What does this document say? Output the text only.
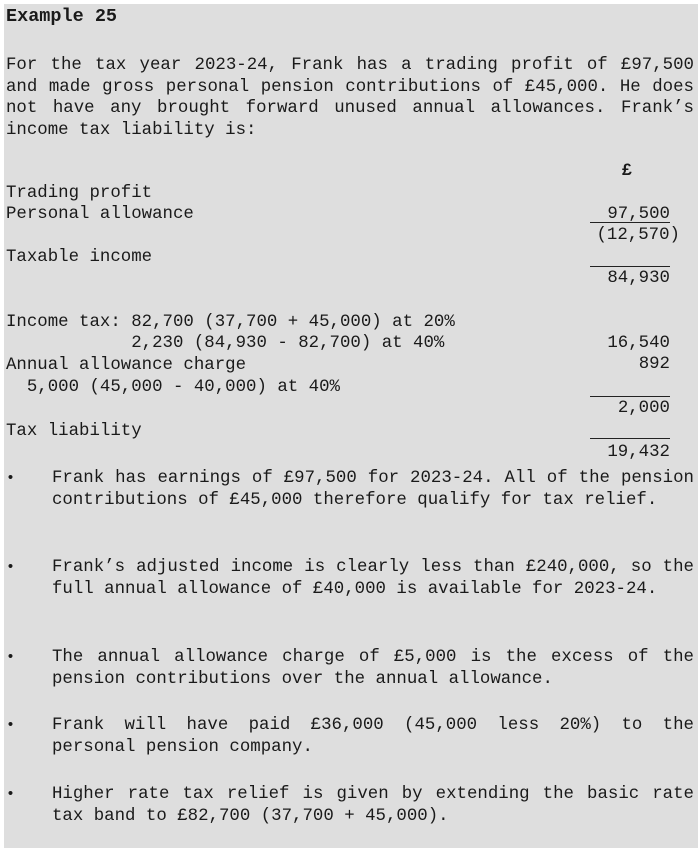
Example 25
For the tax year 2023-24, Frank has a trading profit of £97,500 and made gross personal pension contributions of £45,000. He does not have any brought forward unused annual allowances. Frank’s income tax liability is:

£

Trading profit

97,500

Personal allowance

(12,570)

Taxable income

84,930

Income tax: 82,700 (37,700 + 45,000) at 20%

16,540

2,230 (84,930 - 82,700) at 40%

892

Annual allowance charge

5,000 (45,000 - 40,000) at 40%

2,000

Tax liability

19,432

• Frank has earnings of £97,500 for 2023-24. All of the pension contributions of £45,000 therefore qualify for tax relief.
• Frank’s adjusted income is clearly less than £240,000, so the full annual allowance of £40,000 is available for 2023-24.
• The annual allowance charge of £5,000 is the excess of the pension contributions over the annual allowance.
• Frank will have paid £36,000 (45,000 less 20%) to the personal pension company.
• Higher rate tax relief is given by extending the basic rate tax band to £82,700 (37,700 + 45,000).
